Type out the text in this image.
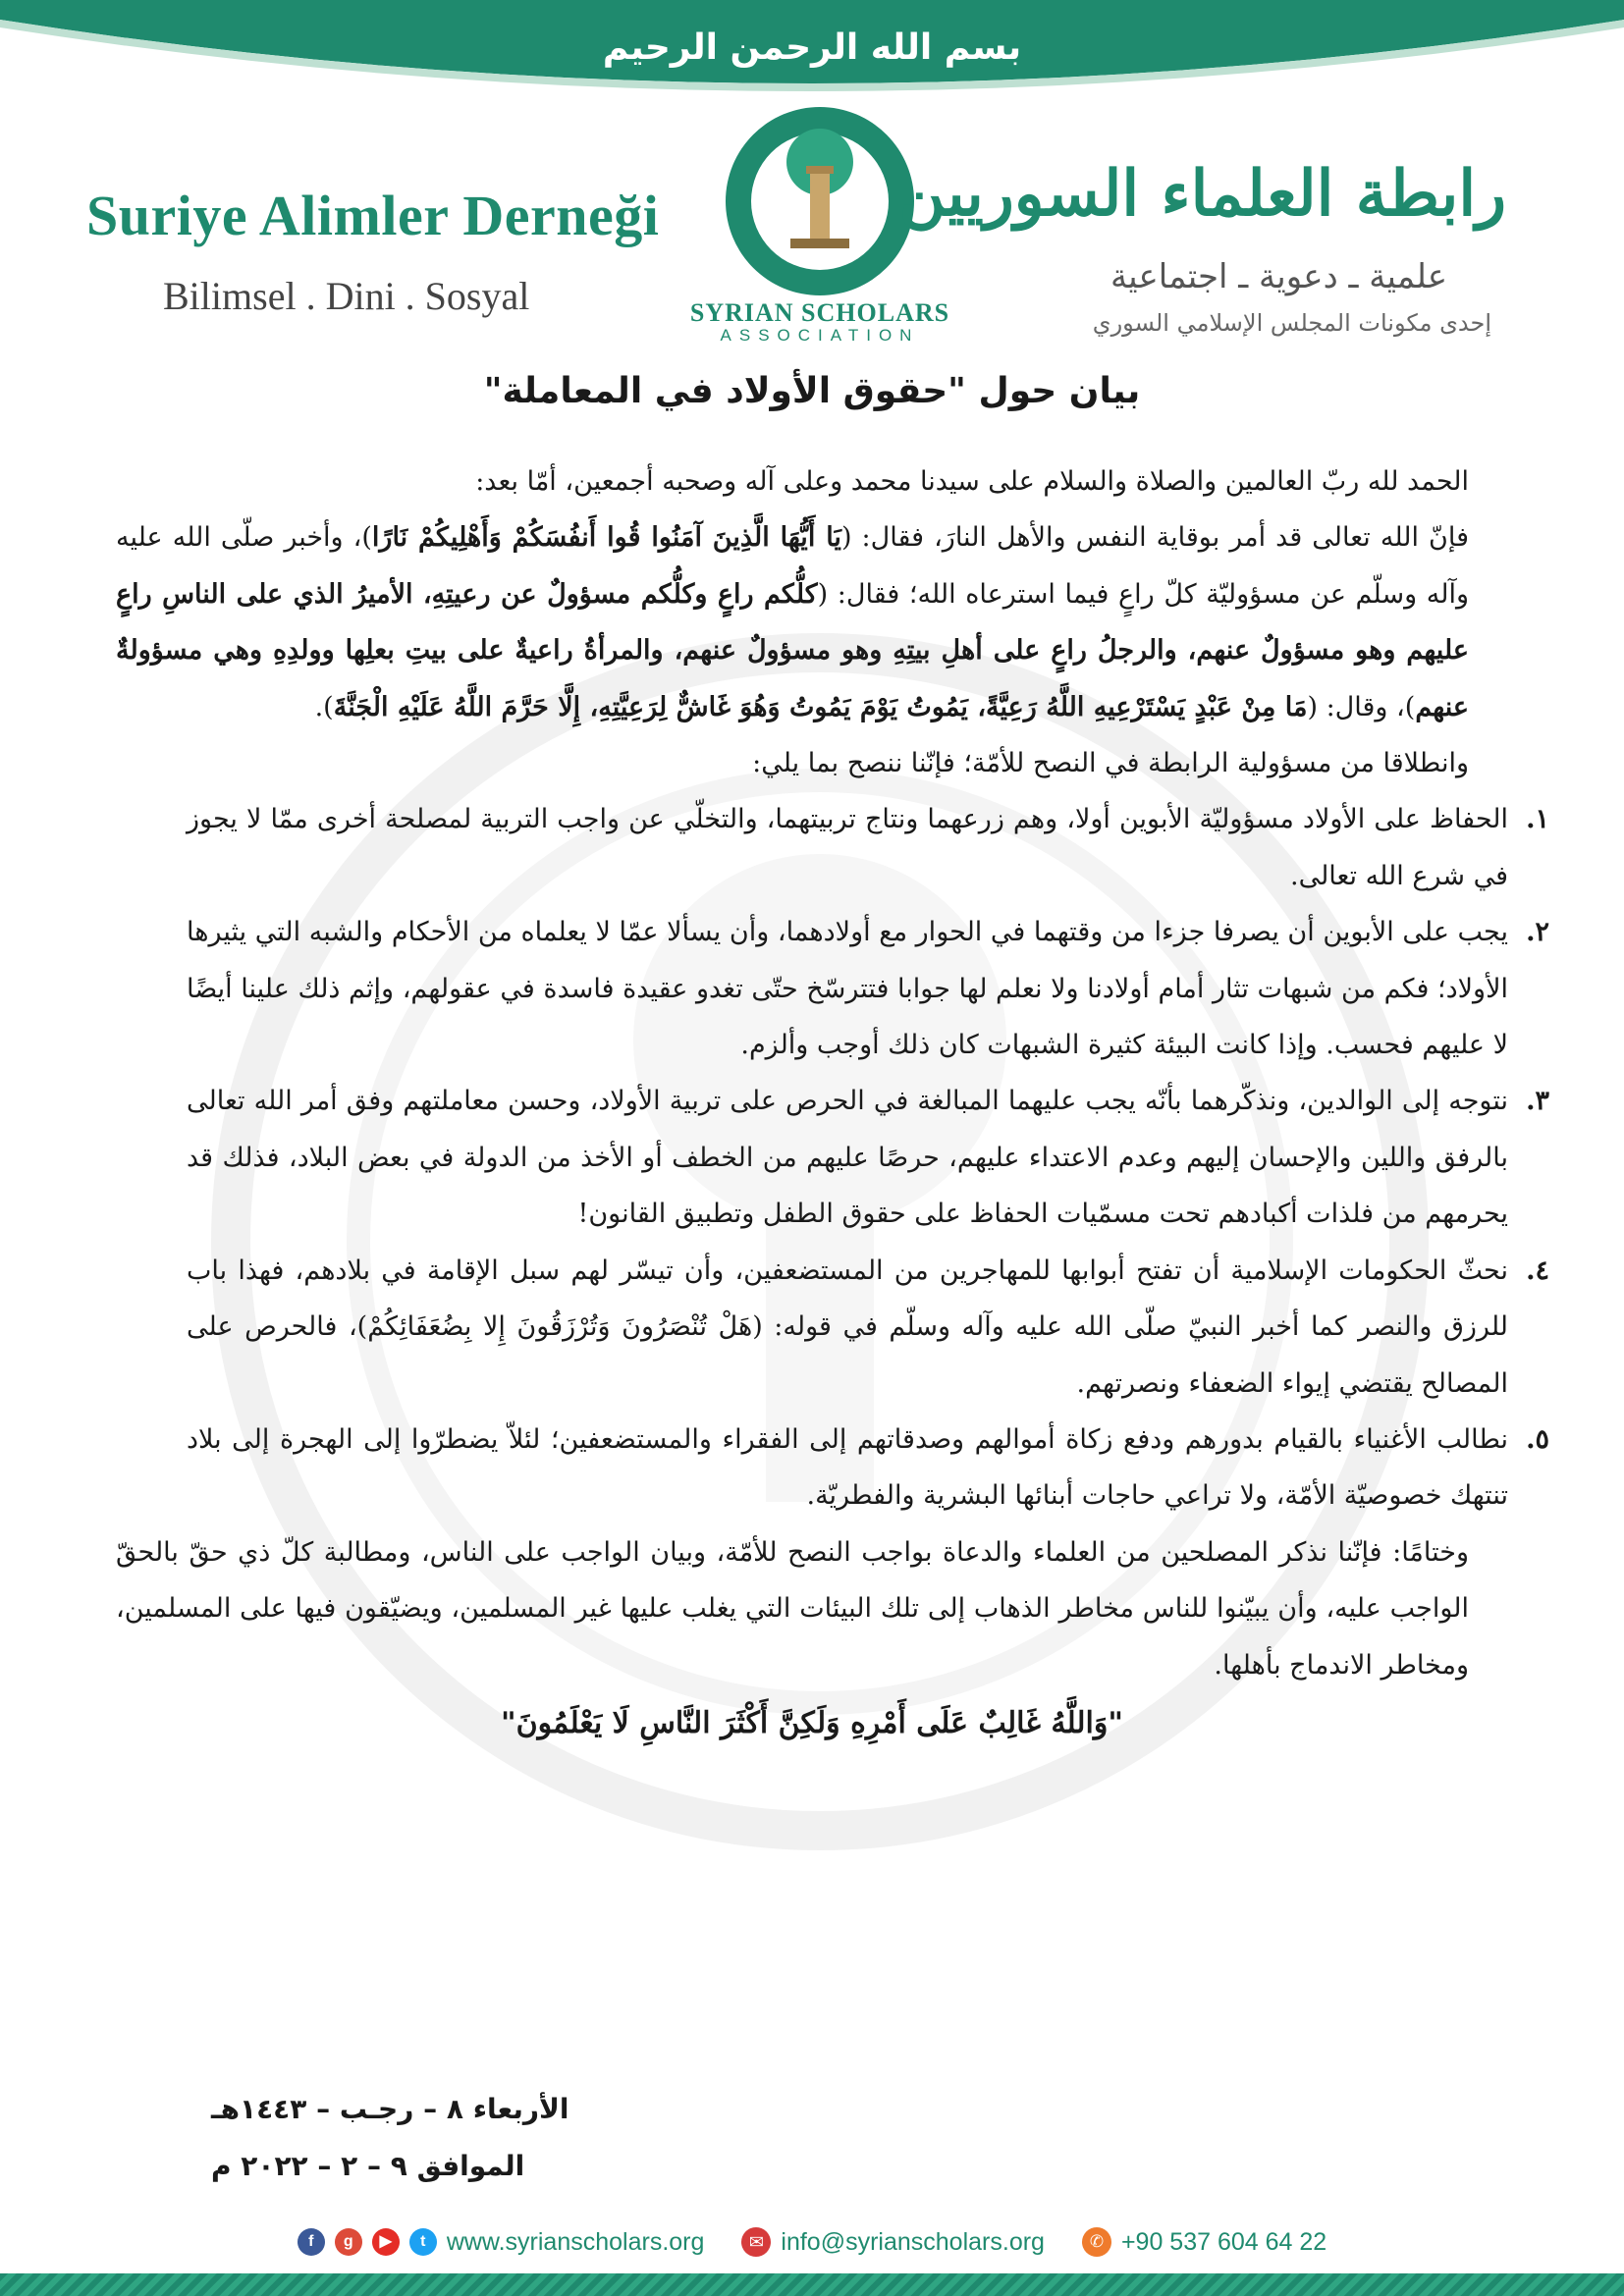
بسم الله الرحمن الرحيم
Suriye Alimler Derneği
Bilimsel . Dini . Sosyal	SYRIAN SCHOLARS
ASSOCIATION
رابطة العلماء السوريين
علمية ـ دعوية ـ اجتماعية
إحدى مكونات المجلس الإسلامي السوري
بيان حول "حقوق الأولاد في المعاملة"

الحمد لله ربّ العالمين والصلاة والسلام على سيدنا محمد وعلى آله وصحبه أجمعين، أمّا بعد:

فإنّ الله تعالى قد أمر بوقاية النفس والأهل النارَ، فقال: (يَا أَيُّهَا الَّذِينَ آمَنُوا قُوا أَنفُسَكُمْ وَأَهْلِيكُمْ نَارًا)، وأخبر صلّى الله عليه وآله وسلّم عن مسؤوليّة كلّ راعٍ فيما استرعاه الله؛ فقال: (كلُّكم راعٍ وكلُّكم مسؤولٌ عن رعيتِهِ، الأميرُ الذي على الناسِ راعٍ عليهم وهو مسؤولٌ عنهم، والرجلُ راعٍ على أهلِ بيتِهِ وهو مسؤولٌ عنهم، والمرأةُ راعيةٌ على بيتِ بعلِها وولدِهِ وهي مسؤولةٌ عنهم)، وقال: (مَا مِنْ عَبْدٍ يَسْتَرْعِيهِ اللَّهُ رَعِيَّةً، يَمُوتُ يَوْمَ يَمُوتُ وَهُوَ غَاشٌّ لِرَعِيَّتِهِ، إِلَّا حَرَّمَ اللَّهُ عَلَيْهِ الْجَنَّةَ).

وانطلاقا من مسؤولية الرابطة في النصح للأمّة؛ فإنّنا ننصح بما يلي:

١.
الحفاظ على الأولاد مسؤوليّة الأبوين أولا، وهم زرعهما ونتاج تربيتهما، والتخلّي عن واجب التربية لمصلحة أخرى ممّا لا يجوز في شرع الله تعالى.
٢.
يجب على الأبوين أن يصرفا جزءا من وقتهما في الحوار مع أولادهما، وأن يسألا عمّا لا يعلماه من الأحكام والشبه التي يثيرها الأولاد؛ فكم من شبهات تثار أمام أولادنا ولا نعلم لها جوابا فتترسّخ حتّى تغدو عقيدة فاسدة في عقولهم، وإثم ذلك علينا أيضًا لا عليهم فحسب. وإذا كانت البيئة كثيرة الشبهات كان ذلك أوجب وألزم.
٣.
نتوجه إلى الوالدين، ونذكّرهما بأنّه يجب عليهما المبالغة في الحرص على تربية الأولاد، وحسن معاملتهم وفق أمر الله تعالى بالرفق واللين والإحسان إليهم وعدم الاعتداء عليهم، حرصًا عليهم من الخطف أو الأخذ من الدولة في بعض البلاد، فذلك قد يحرمهم من فلذات أكبادهم تحت مسمّيات الحفاظ على حقوق الطفل وتطبيق القانون!
٤.
نحثّ الحكومات الإسلامية أن تفتح أبوابها للمهاجرين من المستضعفين، وأن تيسّر لهم سبل الإقامة في بلادهم، فهذا باب للرزق والنصر كما أخبر النبيّ صلّى الله عليه وآله وسلّم في قوله: (هَلْ تُنْصَرُونَ وَتُرْزَقُونَ إِلا بِضُعَفَائِكُمْ)، فالحرص على المصالح يقتضي إيواء الضعفاء ونصرتهم.
٥.
نطالب الأغنياء بالقيام بدورهم ودفع زكاة أموالهم وصدقاتهم إلى الفقراء والمستضعفين؛ لئلاّ يضطرّوا إلى الهجرة إلى بلاد تنتهك خصوصيّة الأمّة، ولا تراعي حاجات أبنائها البشرية والفطريّة.

وختامًا: فإنّنا نذكر المصلحين من العلماء والدعاة بواجب النصح للأمّة، وبيان الواجب على الناس، ومطالبة كلّ ذي حقّ بالحقّ الواجب عليه، وأن يبيّنوا للناس مخاطر الذهاب إلى تلك البيئات التي يغلب عليها غير المسلمين، ويضيّقون فيها على المسلمين، ومخاطر الاندماج بأهلها.

"وَاللَّهُ غَالِبٌ عَلَى أَمْرِهِ وَلَكِنَّ أَكْثَرَ النَّاسِ لَا يَعْلَمُونَ"

الأربعاء ٨ – رجـب – ١٤٤٣هـ
الموافق ٩ – ٢ – ٢٠٢٢ م
f	g	▶	t www.syrianscholars.org	✉ info@syrianscholars.org	✆ +90 537 604 64 22
